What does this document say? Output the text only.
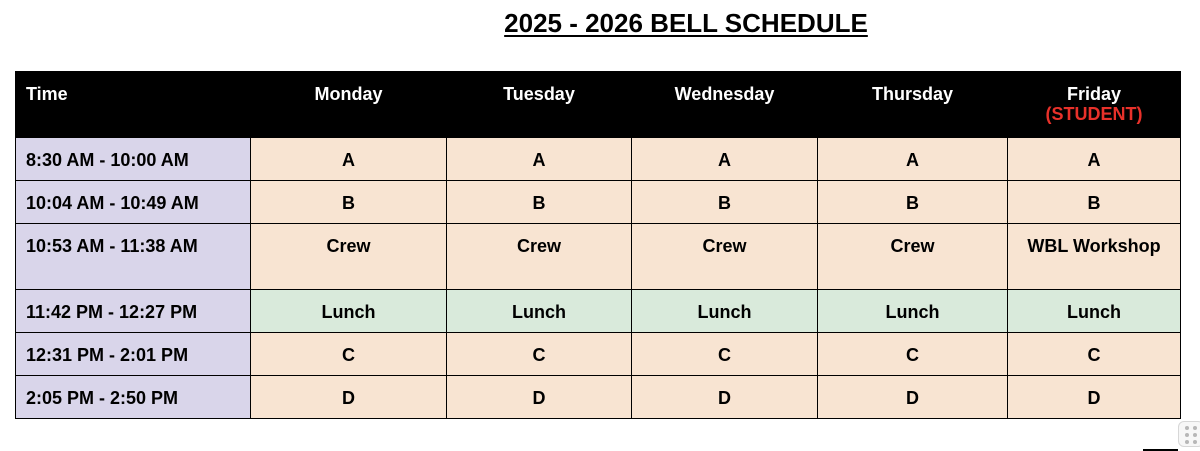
2025 - 2026 BELL SCHEDULE
Time	Monday	Tuesday	Wednesday	Thursday	Friday
(STUDENT)

8:30 AM - 10:00 AM	A	A	A	A	A
10:04 AM - 10:49 AM	B	B	B	B	B
10:53 AM - 11:38 AM	Crew	Crew	Crew	Crew	WBL Workshop
11:42 PM - 12:27 PM	Lunch	Lunch	Lunch	Lunch	Lunch
12:31 PM - 2:01 PM	C	C	C	C	C
2:05 PM - 2:50 PM	D	D	D	D	D
